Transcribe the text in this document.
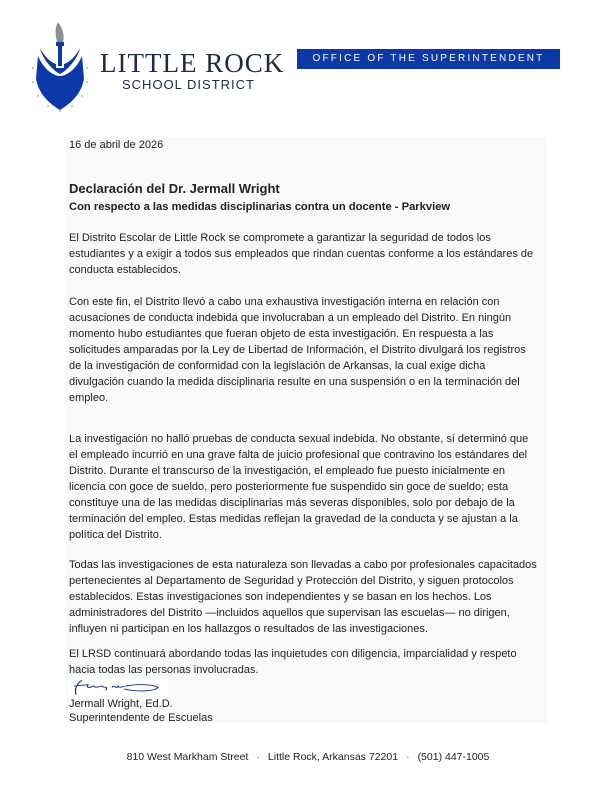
LITTLE ROCK
SCHOOL DISTRICT
OFFICE OF THE SUPERINTENDENT
16 de abril de 2026
Declaración del Dr. Jermall Wright
Con respecto a las medidas disciplinarias contra un docente - Parkview
El Distrito Escolar de Little Rock se compromete a garantizar la seguridad de todos los
estudiantes y a exigir a todos sus empleados que rindan cuentas conforme a los estándares de
conducta establecidos.
Con este fin, el Distrito llevó a cabo una exhaustiva investigación interna en relación con
acusaciones de conducta indebida que involucraban a un empleado del Distrito. En ningún
momento hubo estudiantes que fueran objeto de esta investigación. En respuesta a las
solicitudes amparadas por la Ley de Libertad de Información, el Distrito divulgará los registros
de la investigación de conformidad con la legislación de Arkansas, la cual exige dicha
divulgación cuando la medida disciplinaria resulte en una suspensión o en la terminación del
empleo.
La investigación no halló pruebas de conducta sexual indebida. No obstante, sí determinó que
el empleado incurrió en una grave falta de juicio profesional que contravino los estándares del
Distrito. Durante el transcurso de la investigación, el empleado fue puesto inicialmente en
licencia con goce de sueldo, pero posteriormente fue suspendido sin goce de sueldo; esta
constituye una de las medidas disciplinarias más severas disponibles, solo por debajo de la
terminación del empleo. Estas medidas reflejan la gravedad de la conducta y se ajustan a la
política del Distrito.
Todas las investigaciones de esta naturaleza son llevadas a cabo por profesionales capacitados
pertenecientes al Departamento de Seguridad y Protección del Distrito, y siguen protocolos
establecidos. Estas investigaciones son independientes y se basan en los hechos. Los
administradores del Distrito —incluidos aquellos que supervisan las escuelas— no dirigen,
influyen ni participan en los hallazgos o resultados de las investigaciones.
El LRSD continuará abordando todas las inquietudes con diligencia, imparcialidad y respeto
hacia todas las personas involucradas.
Jermall Wright, Ed.D.
Superintendente de Escuelas
810 West Markham Street · Little Rock, Arkansas 72201 · (501) 447-1005
